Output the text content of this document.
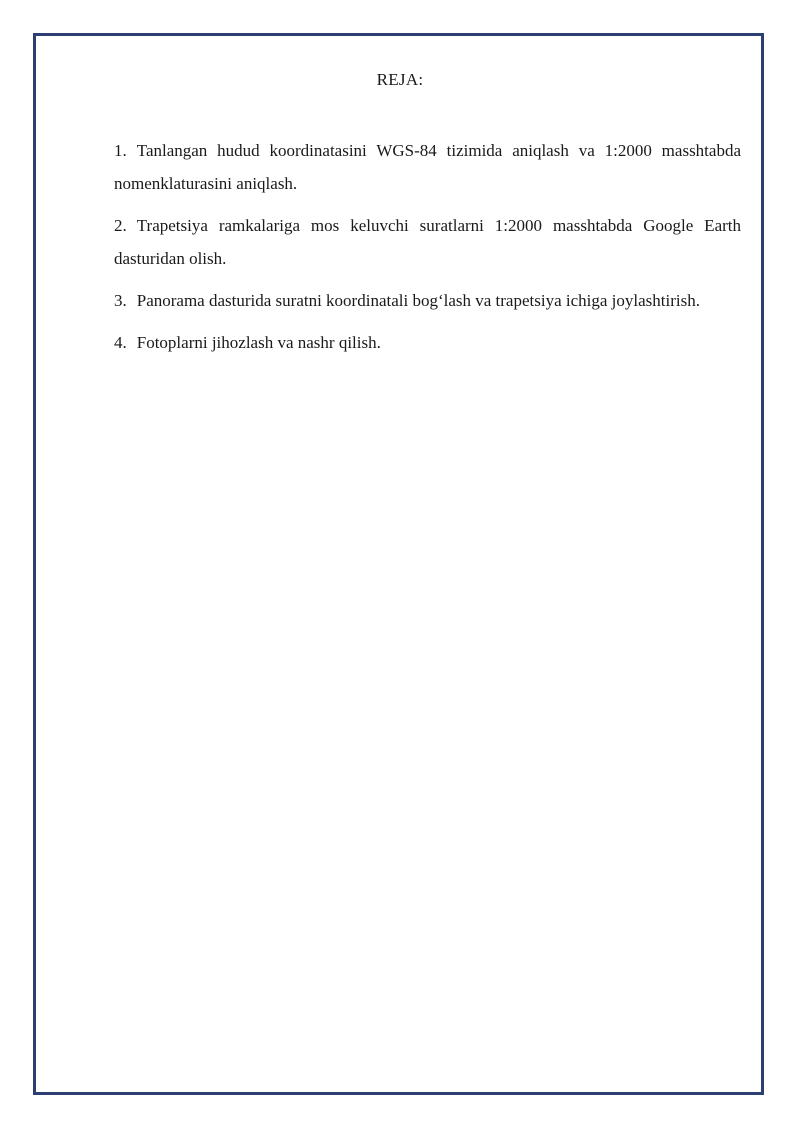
REJA:
1. Tanlangan hudud koordinatasini WGS-84 tizimida aniqlash va 1:2000 masshtabda nomenklaturasini aniqlash.
2. Trapetsiya ramkalariga mos keluvchi suratlarni 1:2000 masshtabda Google Earth dasturidan olish.
3. Panorama dasturida suratni koordinatali bog‘lash va trapetsiya ichiga joylashtirish.
4. Fotoplarni jihozlash va nashr qilish.
